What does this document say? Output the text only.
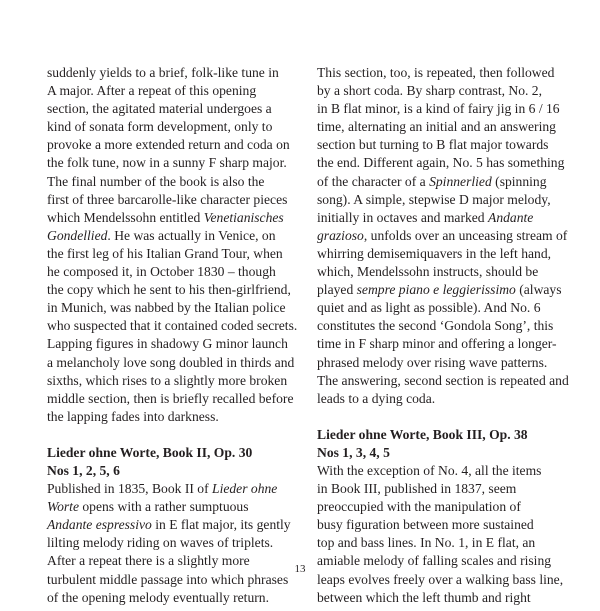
suddenly yields to a brief, folk-like tune in
A major. After a repeat of this opening
section, the agitated material undergoes a
kind of sonata form development, only to
provoke a more extended return and coda on
the folk tune, now in a sunny F sharp major.
The final number of the book is also the
first of three barcarolle-like character pieces
which Mendelssohn entitled Venetianisches
Gondellied. He was actually in Venice, on
the first leg of his Italian Grand Tour, when
he composed it, in October 1830 – though
the copy which he sent to his then-girlfriend,
in Munich, was nabbed by the Italian police
who suspected that it contained coded secrets.
Lapping figures in shadowy G minor launch
a melancholy love song doubled in thirds and
sixths, which rises to a slightly more broken
middle section, then is briefly recalled before
the lapping fades into darkness.
Lieder ohne Worte, Book II, Op. 30
Nos 1, 2, 5, 6
Published in 1835, Book II of Lieder ohne
Worte opens with a rather sumptuous
Andante espressivo in E flat major, its gently
lilting melody riding on waves of triplets.
After a repeat there is a slightly more
turbulent middle passage into which phrases
of the opening melody eventually return.
This section, too, is repeated, then followed
by a short coda. By sharp contrast, No. 2,
in B flat minor, is a kind of fairy jig in 6 / 16
time, alternating an initial and an answering
section but turning to B flat major towards
the end. Different again, No. 5 has something
of the character of a Spinnerlied (spinning
song). A simple, stepwise D major melody,
initially in octaves and marked Andante
grazioso, unfolds over an unceasing stream of
whirring demisemiquavers in the left hand,
which, Mendelssohn instructs, should be
played sempre piano e leggierissimo (always
quiet and as light as possible). And No. 6
constitutes the second ‘Gondola Song’, this
time in F sharp minor and offering a longer-
phrased melody over rising wave patterns.
The answering, second section is repeated and
leads to a dying coda.
Lieder ohne Worte, Book III, Op. 38
Nos 1, 3, 4, 5
With the exception of No. 4, all the items
in Book III, published in 1837, seem
preoccupied with the manipulation of
busy figuration between more sustained
top and bass lines. In No. 1, in E flat, an
amiable melody of falling scales and rising
leaps evolves freely over a walking bass line,
between which the left thumb and right
13
